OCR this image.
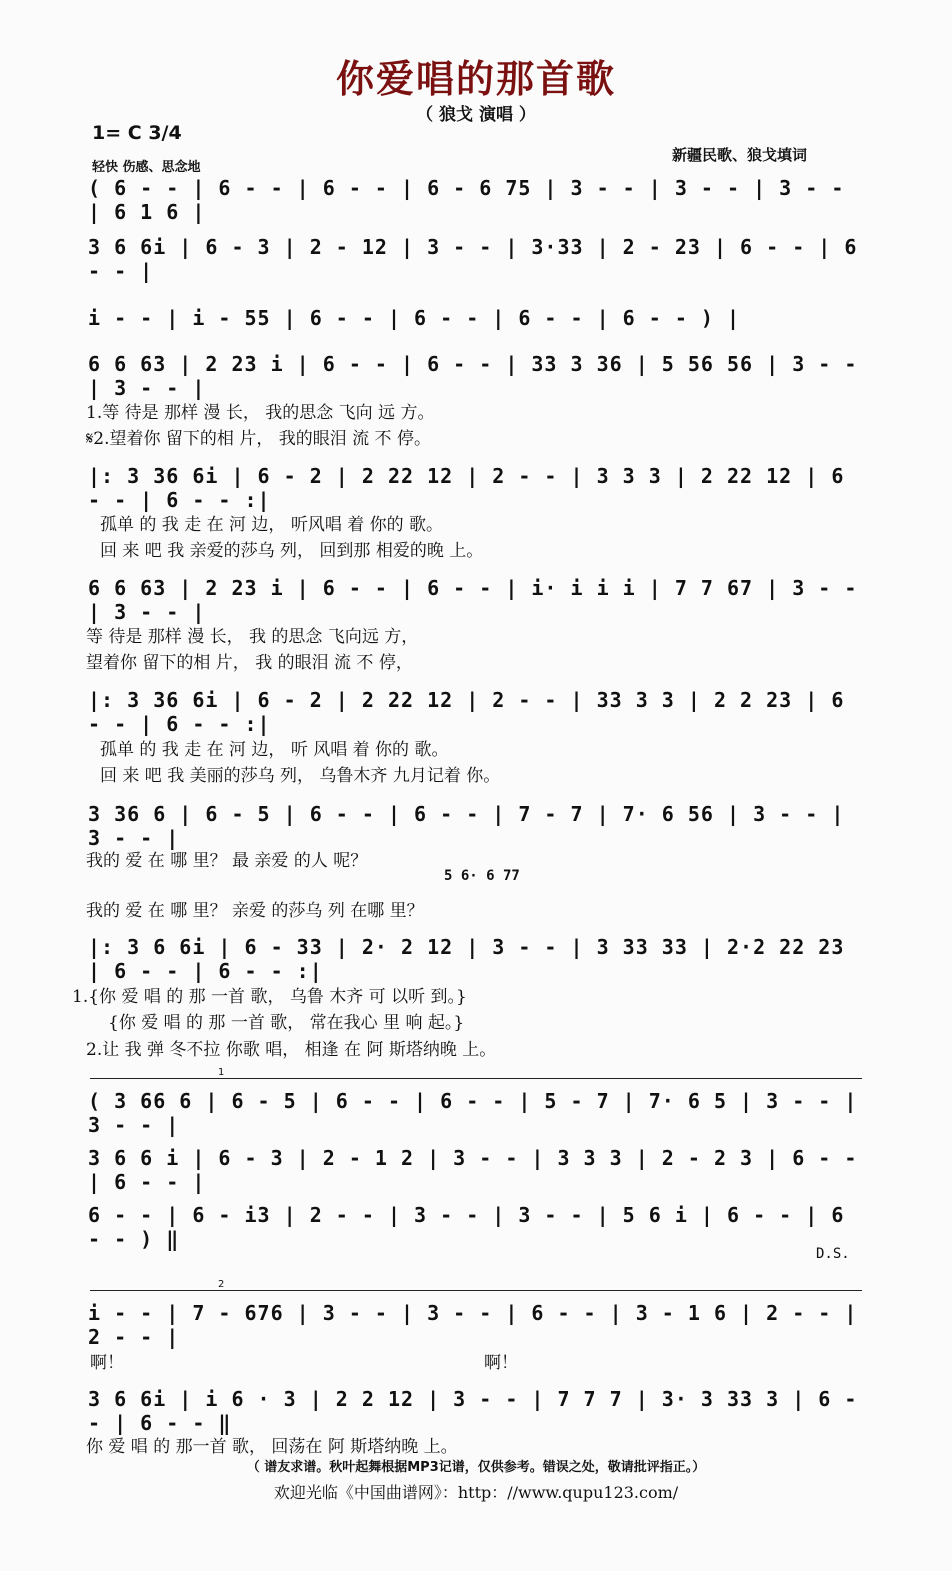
你爱唱的那首歌
（ 狼戈 演唱 ）
1= C 3/4
轻快 伤感、思念地
新疆民歌、狼戈填词
( 6 - - | 6 - - | 6 - - | 6 - 6 75 | 3 - - | 3 - - | 3 - - | 6 1 6 |
3 6 6i | 6 - 3 | 2 - 12 | 3 - - | 3·33 | 2 - 23 | 6 - - | 6 - - |
i - - | i - 55 | 6 - - | 6 - - | 6 - - | 6 - - ) |
6 6 63 | 2 23 i | 6 - - | 6 - - | 33 3 36 | 5 56 56 | 3 - - | 3 - - |
1.等 待是 那样 漫 长， 我的思念 飞向 远 方。
𝄋2.望着你 留下的相 片， 我的眼泪 流 不 停。
|: 3 36 6i | 6 - 2 | 2 22 12 | 2 - - | 3 3 3 | 2 22 12 | 6 - - | 6 - - :|
孤单 的 我 走 在 河 边， 听风唱 着 你的 歌。
回 来 吧 我 亲爱的莎乌 列， 回到那 相爱的晚 上。
6 6 63 | 2 23 i | 6 - - | 6 - - | i· i i i | 7 7 67 | 3 - - | 3 - - |
等 待是 那样 漫 长， 我 的思念 飞向远 方，
望着你 留下的相 片， 我 的眼泪 流 不 停，
|: 3 36 6i | 6 - 2 | 2 22 12 | 2 - - | 33 3 3 | 2 2 23 | 6 - - | 6 - - :|
孤单 的 我 走 在 河 边， 听 风唱 着 你的 歌。
回 来 吧 我 美丽的莎乌 列， 乌鲁木齐 九月记着 你。
3 36 6 | 6 - 5 | 6 - - | 6 - - | 7 - 7 | 7· 6 56 | 3 - - | 3 - - |
我的 爱 在 哪 里？ 最 亲爱 的人 呢？
5 6· 6 77
我的 爱 在 哪 里？ 亲爱 的莎乌 列 在哪 里？
|: 3 6 6i | 6 - 33 | 2· 2 12 | 3 - - | 3 33 33 | 2·2 22 23 | 6 - - | 6 - - :|
1.{你 爱 唱 的 那 一首 歌， 乌鲁 木齐 可 以听 到。}
{你 爱 唱 的 那 一首 歌， 常在我心 里 响 起。}
2.让 我 弹 冬不拉 你歌 唱， 相逢 在 阿 斯塔纳晚 上。
1
( 3 66 6 | 6 - 5 | 6 - - | 6 - - | 5 - 7 | 7· 6 5 | 3 - - | 3 - - |
3 6 6 i | 6 - 3 | 2 - 1 2 | 3 - - | 3 3 3 | 2 - 2 3 | 6 - - | 6 - - |
6 - - | 6 - i3 | 2 - - | 3 - - | 3 - - | 5 6 i | 6 - - | 6 - - ) ‖
D.S.
2
i - - | 7 - 676 | 3 - - | 3 - - | 6 - - | 3 - 1 6 | 2 - - | 2 - - |
啊！	啊！
3 6 6i | i 6 · 3 | 2 2 12 | 3 - - | 7 7 7 | 3· 3 33 3 | 6 - - | 6 - - ‖
你 爱 唱 的 那一首 歌， 回荡在 阿 斯塔纳晚 上。
（ 谱友求谱。秋叶起舞根据MP3记谱，仅供参考。错误之处，敬请批评指正。）
欢迎光临《中国曲谱网》：http：//www.qupu123.com/
